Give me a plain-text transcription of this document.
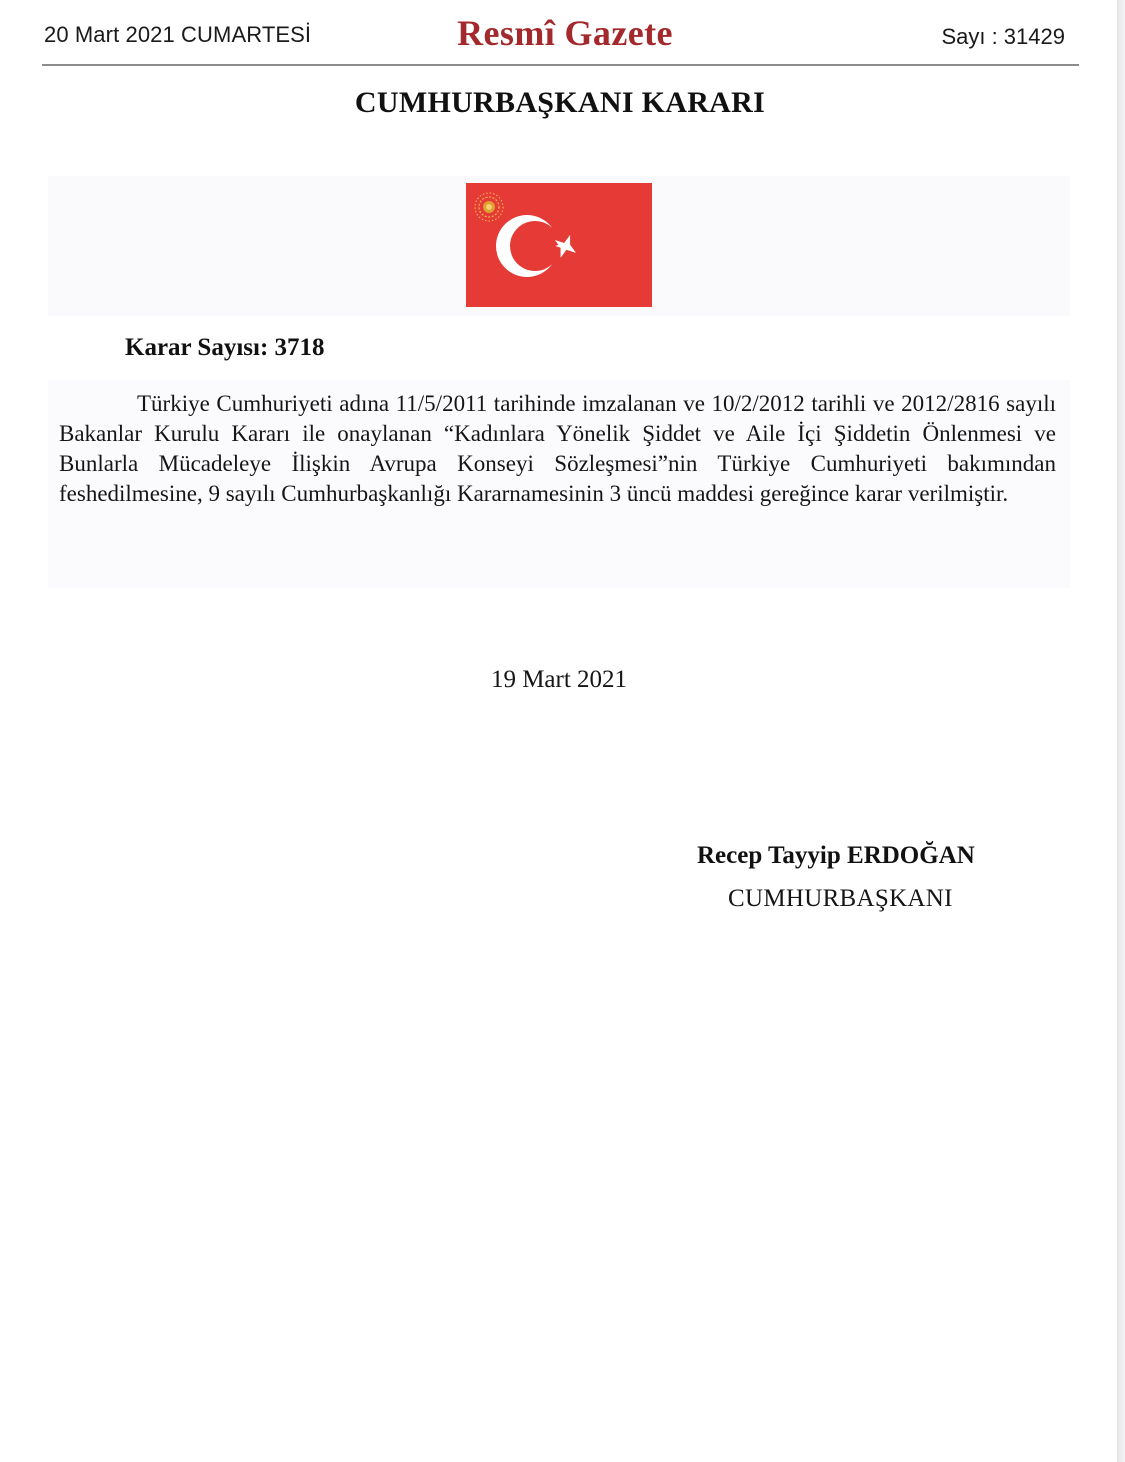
20 Mart 2021 CUMARTESİ	Resmî Gazete	Sayı : 31429
CUMHURBAŞKANI KARARI
Karar Sayısı: 3718

Türkiye Cumhuriyeti adına 11/5/2011 tarihinde imzalanan ve 10/2/2012 tarihli ve 2012/2816 sayılı Bakanlar Kurulu Kararı ile onaylanan “Kadınlara Yönelik Şiddet ve Aile İçi Şiddetin Önlenmesi ve Bunlarla Mücadeleye İlişkin Avrupa Konseyi Sözleşmesi”nin Türkiye Cumhuriyeti bakımından feshedilmesine, 9 sayılı Cumhurbaşkanlığı Kararnamesinin 3 üncü maddesi gereğince karar verilmiştir.

19 Mart 2021
Recep Tayyip ERDOĞAN
CUMHURBAŞKANI
